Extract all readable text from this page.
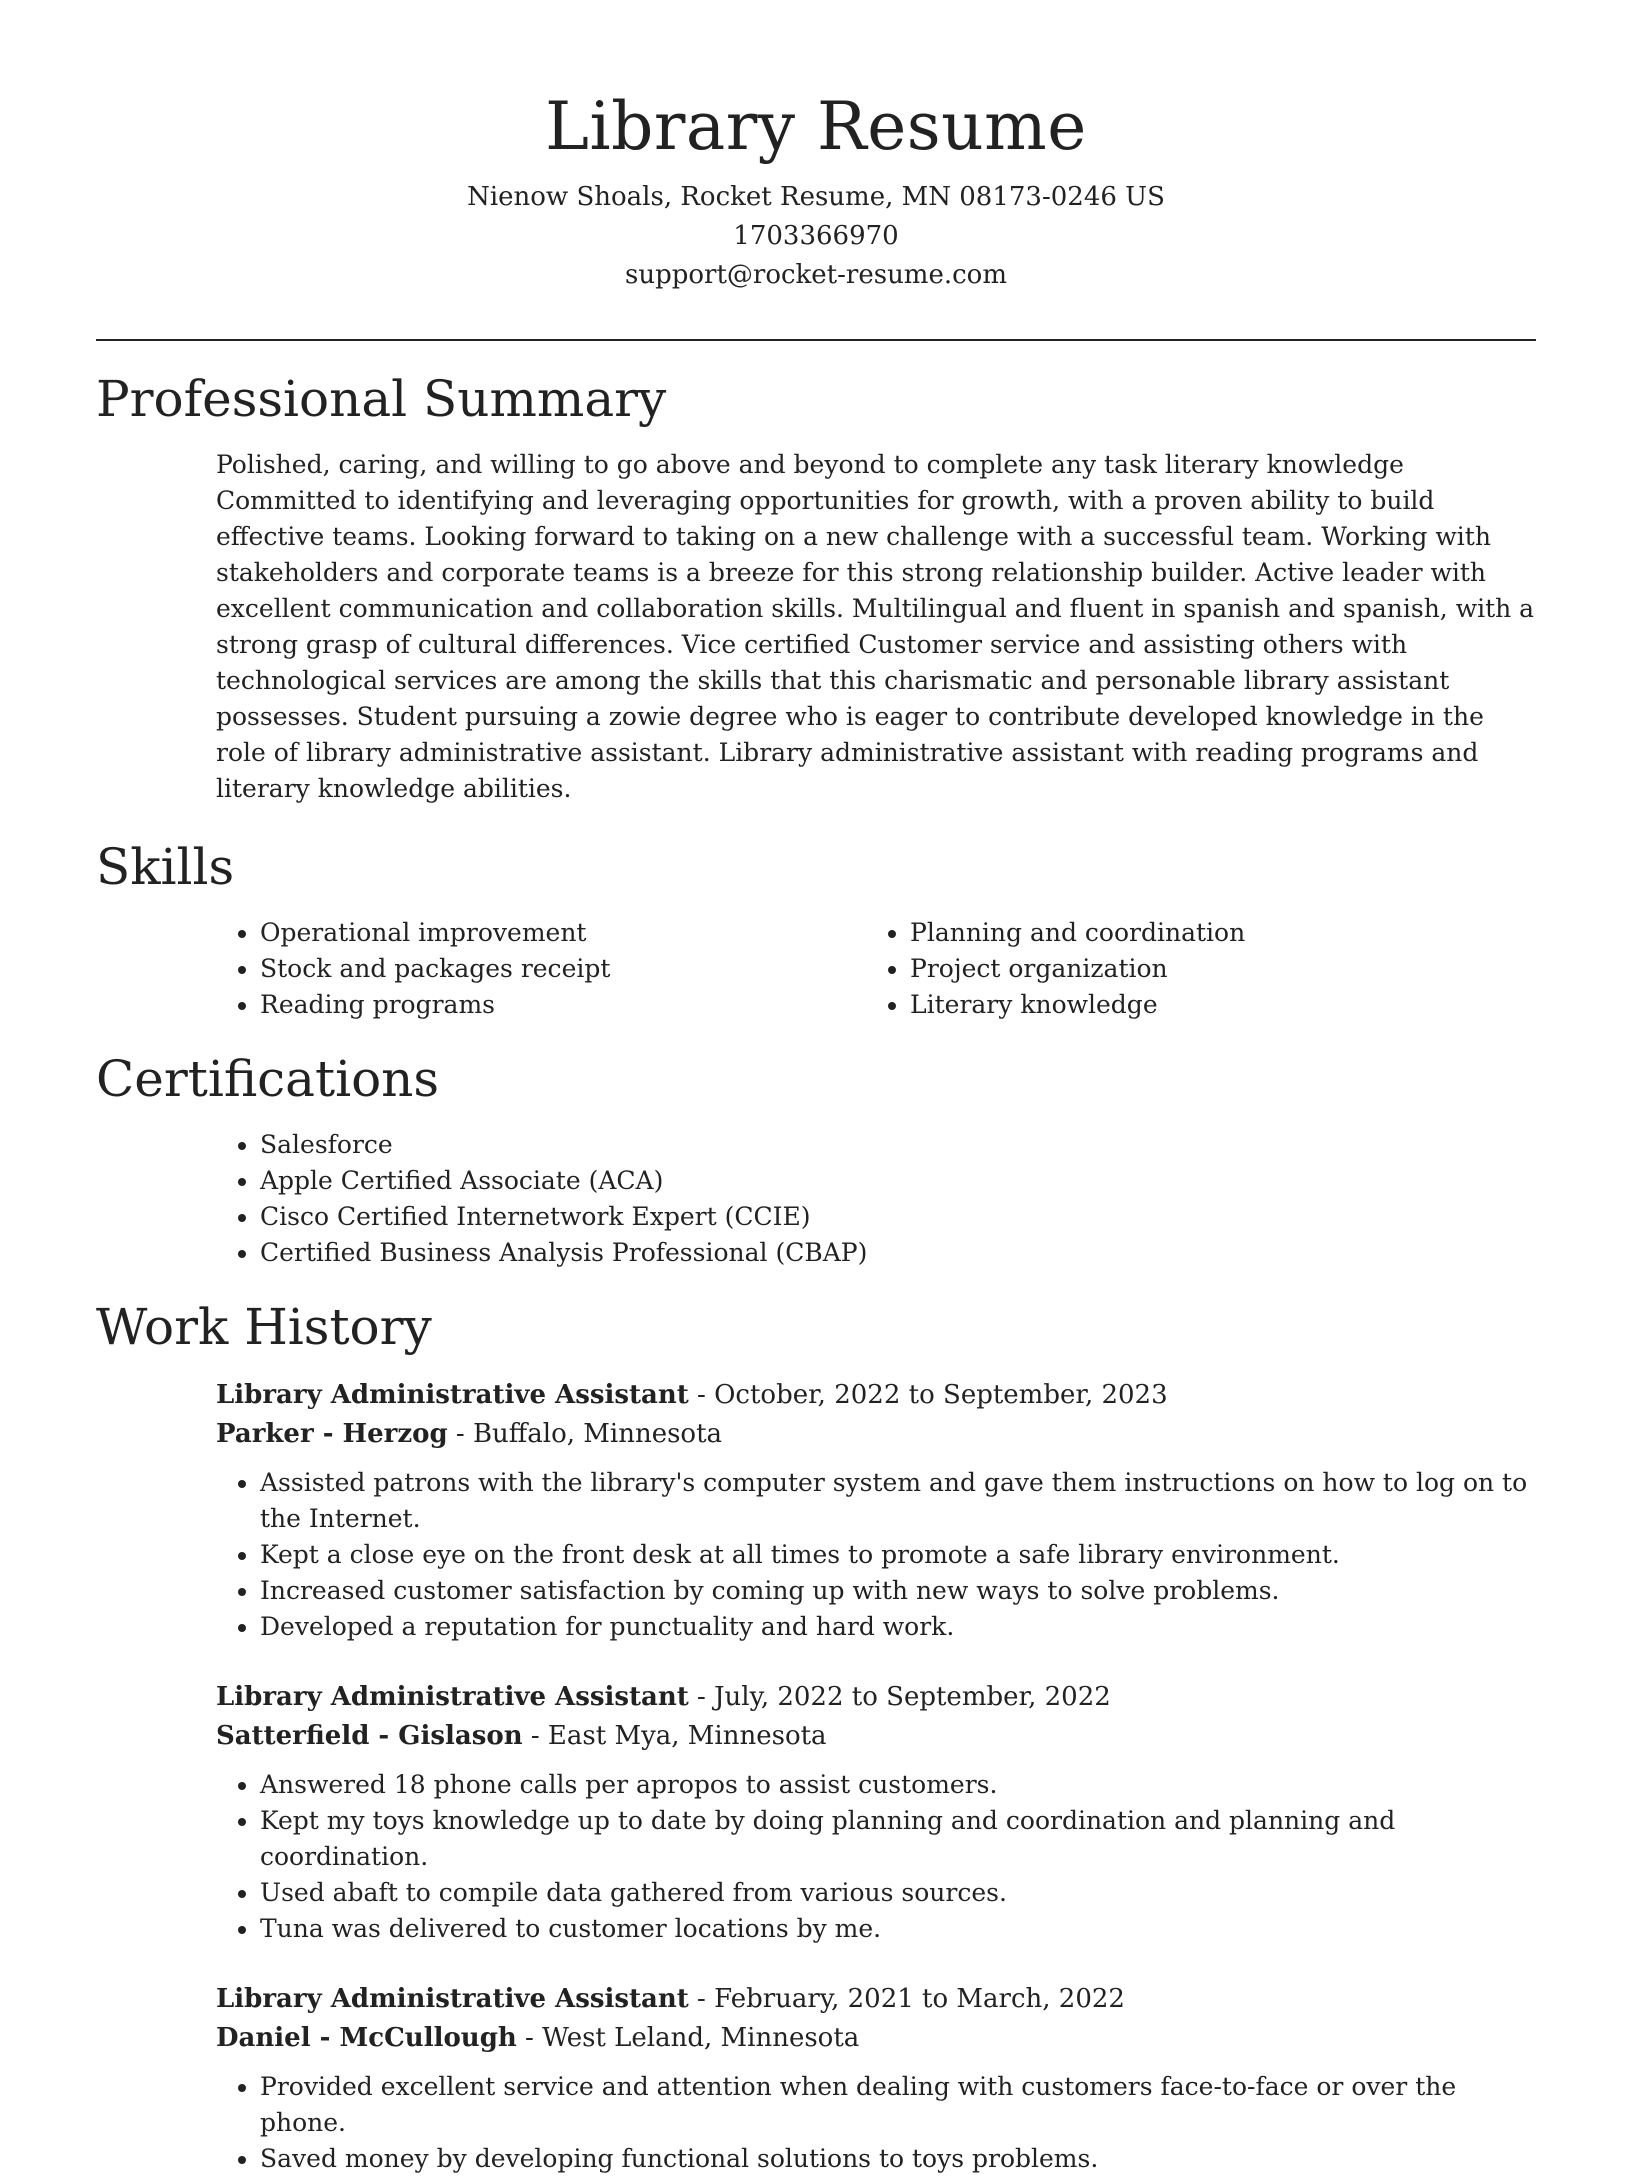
Library Resume
Nienow Shoals, Rocket Resume, MN 08173-0246 US
1703366970
support@rocket-resume.com
Professional Summary

Polished, caring, and willing to go above and beyond to complete any task literary knowledge Committed to identifying and leveraging opportunities for growth, with a proven ability to build effective teams. Looking forward to taking on a new challenge with a successful team. Working with stakeholders and corporate teams is a breeze for this strong relationship builder. Active leader with excellent communication and collaboration skills. Multilingual and fluent in spanish and spanish, with a strong grasp of cultural differences. Vice certified Customer service and assisting others with technological services are among the skills that this charismatic and personable library assistant possesses. Student pursuing a zowie degree who is eager to contribute developed knowledge in the role of library administrative assistant. Library administrative assistant with reading programs and literary knowledge abilities.

Skills
• Operational improvement
• Stock and packages receipt
• Reading programs
• Planning and coordination
• Project organization
• Literary knowledge
Certifications
• Salesforce
• Apple Certified Associate (ACA)
• Cisco Certified Internetwork Expert (CCIE)
• Certified Business Analysis Professional (CBAP)
Work History
Library Administrative Assistant - October, 2022 to September, 2023
Parker - Herzog - Buffalo, Minnesota
• Assisted patrons with the library's computer system and gave them instructions on how to log on to the Internet.
• Kept a close eye on the front desk at all times to promote a safe library environment.
• Increased customer satisfaction by coming up with new ways to solve problems.
• Developed a reputation for punctuality and hard work.
Library Administrative Assistant - July, 2022 to September, 2022
Satterfield - Gislason - East Mya, Minnesota
• Answered 18 phone calls per apropos to assist customers.
• Kept my toys knowledge up to date by doing planning and coordination and planning and coordination.
• Used abaft to compile data gathered from various sources.
• Tuna was delivered to customer locations by me.
Library Administrative Assistant - February, 2021 to March, 2022
Daniel - McCullough - West Leland, Minnesota
• Provided excellent service and attention when dealing with customers face-to-face or over the phone.
• Saved money by developing functional solutions to toys problems.
